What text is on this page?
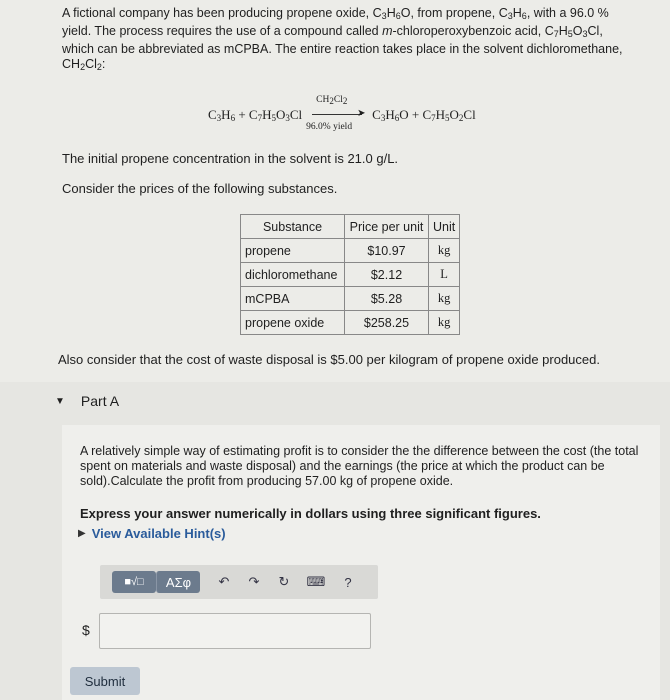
A fictional company has been producing propene oxide, $C_3H_6O$, from propene, $C_3H_6$, with a 96.0 % yield. The process requires the use of a compound called m-chloroperoxybenzoic acid, $C_7H_5O_3Cl$, which can be abbreviated as mCPBA. The entire reaction takes place in the solvent dichloromethane, $CH_2Cl_2$:

$C_3H_6 + C_7H_5O_3Cl$
CH2Cl2
➤
96.0% yield
$C_3H_6O + C_7H_5O_2Cl$
The initial propene concentration in the solvent is 21.0 g/L.
Consider the prices of the following substances.
Substance	Price per unit	Unit
propene	$10.97	kg
dichloromethane	$2.12	L
mCPBA	$5.28	kg
propene oxide	$258.25	kg
Also consider that the cost of waste disposal is $5.00 per kilogram of propene oxide produced.
▼ Part A
A relatively simple way of estimating profit is to consider the the difference between the cost (the total spent on materials and waste disposal) and the earnings (the price at which the product can be sold).Calculate the profit from producing 57.00 kg of propene oxide.
Express your answer numerically in dollars using three significant figures.
▶ View Available Hint(s)
■√□	ΑΣφ	↶	↷	↻	⌨	?
$
Submit
